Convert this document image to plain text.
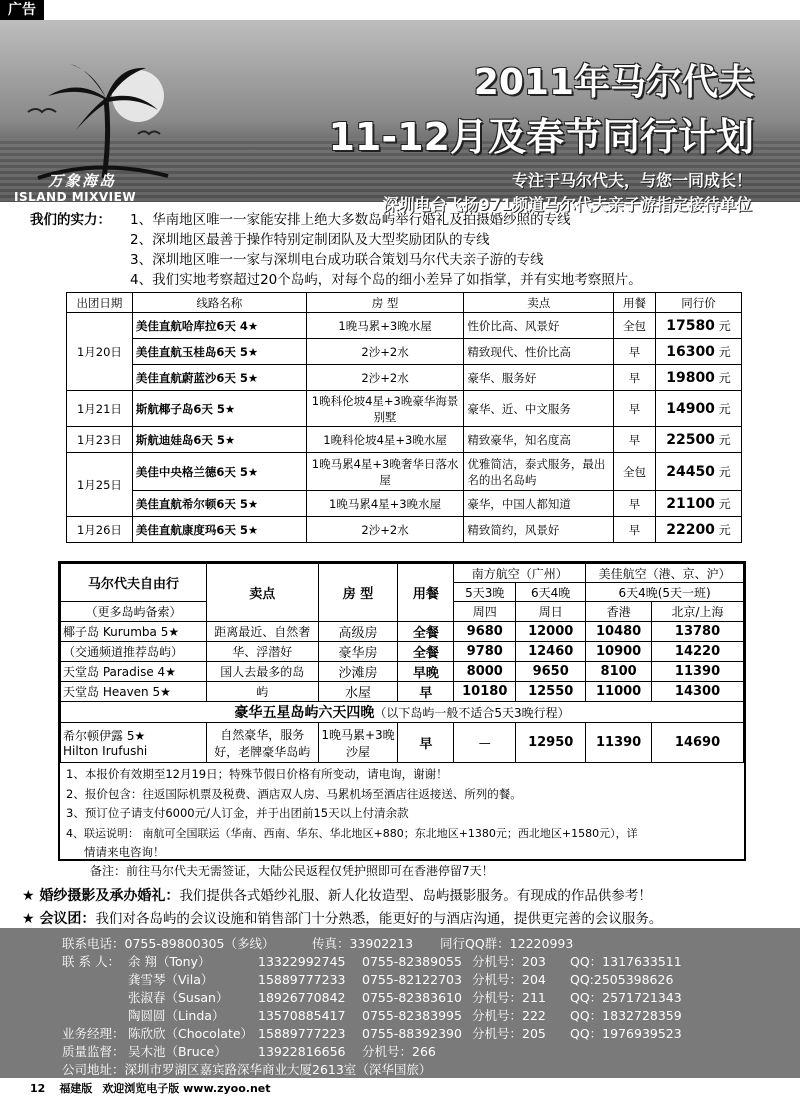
广告
万象海岛
ISLAND MIXVIEW
2011年马尔代夫
11-12月及春节同行计划
专注于马尔代夫，与您一同成长！
深圳电台飞扬971频道马尔代夫亲子游指定接待单位
我们的实力： 1、华南地区唯一一家能安排上绝大多数岛屿举行婚礼及拍摄婚纱照的专线
2、深圳地区最善于操作特别定制团队及大型奖励团队的专线
3、深圳地区唯一一家与深圳电台成功联合策划马尔代夫亲子游的专线
4、我们实地考察超过20个岛屿，对每个岛的细小差异了如指掌，并有实地考察照片。
出团日期	线路名称	房 型	卖点	用餐	同行价
1月20日	美佳直航哈库拉6天 4★	1晚马累+3晚水屋	性价比高、风景好	全包	17580 元
	美佳直航玉桂岛6天 5★	2沙+2水	精致现代、性价比高	早	16300 元
	美佳直航蔚蓝沙6天 5★	2沙+2水	豪华、服务好	早	19800 元
1月21日	斯航椰子岛6天 5★	1晚科伦坡4星+3晚豪华海景别墅	豪华、近、中文服务	早	14900 元
1月23日	斯航迪娃岛6天 5★	1晚科伦坡4星+3晚水屋	精致豪华，知名度高	早	22500 元
1月25日	美佳中央格兰德6天 5★	1晚马累4星+3晚奢华日落水屋	优雅简洁，泰式服务，最出名的出名岛屿	全包	24450 元
	美佳直航希尔顿6天 5★	1晚马累4星+3晚水屋	豪华，中国人都知道	早	21100 元
1月26日	美佳直航康度玛6天 5★	2沙+2水	精致简约，风景好	早	22200 元
马尔代夫自由行	卖点	房 型	用餐	南方航空（广州）		美佳航空（港、京、沪）	
				5天3晚	6天4晚	6天4晚(5天一班)	
（更多岛屿备索）				周四	周日	香港	北京/上海
椰子岛 Kurumba 5★	距离最近、自然奢	高级房	全餐	9680	12000	10480	13780
（交通频道推荐岛屿）	华、浮潜好	豪华房	全餐	9780	12460	10900	14220
天堂岛 Paradise 4★	国人去最多的岛	沙滩房	早晚	8000	9650	8100	11390
天堂岛 Heaven 5★	屿	水屋	早	10180	12550	11000	14300
豪华五星岛屿六天四晚（以下岛屿一般不适合5天3晚行程）							

希尔顿伊露 5★
Hilton Irufushi	自然豪华，服务好，老牌豪华岛屿	1晚马累+3晚沙屋	早	—	12950	11390	14690
1、本报价有效期至12月19日；特殊节假日价格有所变动，请电询，谢谢！
2、报价包含：往返国际机票及税费、酒店双人房、马累机场至酒店往返接送、所列的餐。
3、预订位子请支付6000元/人订金，并于出团前15天以上付清余款
4、联运说明： 南航可全国联运（华南、西南、华东、华北地区+880；东北地区+1380元；西北地区+1580元），详
情请来电咨询！
备注：前往马尔代夫无需签证，大陆公民返程仅凭护照即可在香港停留7天！
★ 婚纱摄影及承办婚礼：我们提供各式婚纱礼服、新人化妆造型、岛屿摄影服务。有现成的作品供参考！
★ 会议团：我们对各岛屿的会议设施和销售部门十分熟悉，能更好的与酒店沟通，提供更完善的会议服务。
联系电话：0755-89800305（多线）	传真：33902213 同行QQ群：12220993
联 系 人： 余 翔（Tony）	13322992745 0755-82389055 分机号：203 QQ：1317633511
龚雪琴（Vila）	15889777233 0755-82122703 分机号：204 QQ:2505398626
张淑春（Susan） 18926770842 0755-82383610 分机号：211 QQ：2571721343
陶圆圆（Linda）	13570885417 0755-82383995 分机号：222 QQ：1832728359
业务经理： 陈欣欣（Chocolate） 15889777223 0755-88392390 分机号：205 QQ：1976939523
质量监督： 吴木池（Bruce）	13922816656 分机号：266
公司地址：深圳市罗湖区嘉宾路深华商业大厦2613室（深华国旅）
12 福建版 欢迎浏览电子版 www.zyoo.net
